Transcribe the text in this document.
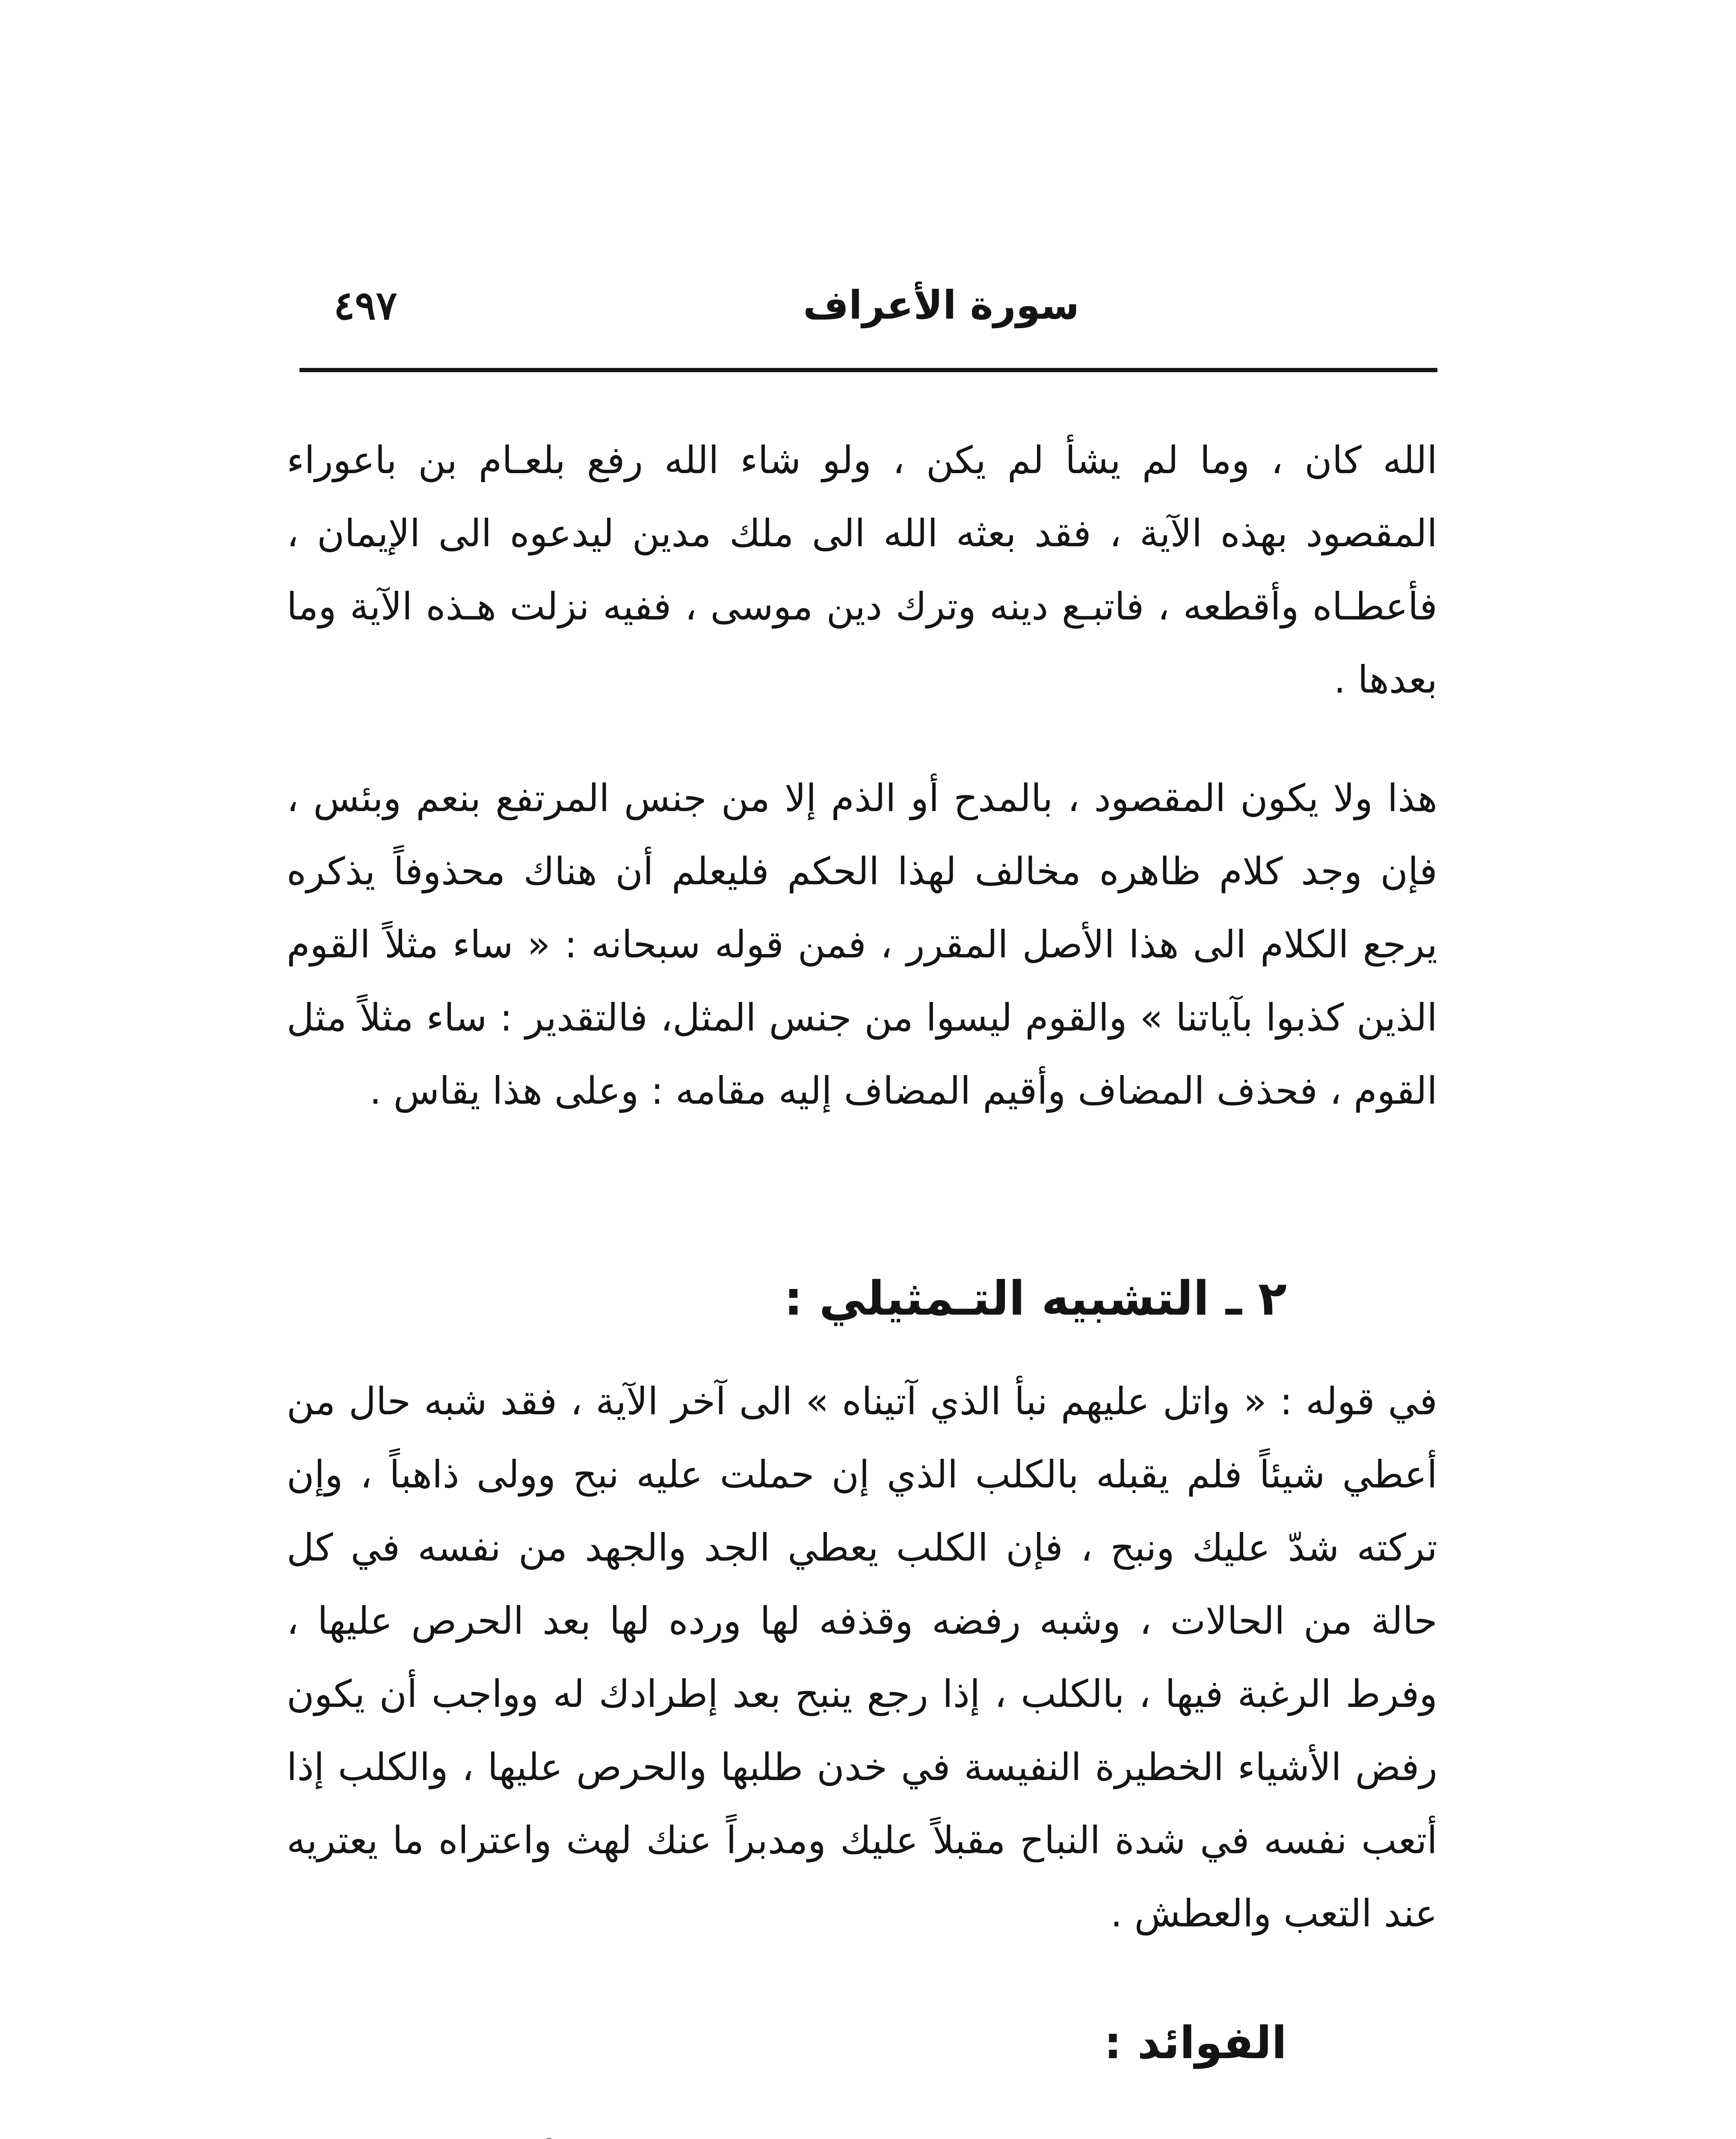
٤٩٧	سورة الأعراف
الله كان ، وما لم يشأ لم يكن ، ولو شاء الله رفع بلعـام بن باعوراء المقصود بهذه الآية ، فقد بعثه الله الى ملك مدين ليدعوه الى الإيمان ، فأعطـاه وأقطعه ، فاتبـع دينه وترك دين موسى ، ففيه نزلت هـذه الآية وما بعدها .
هذا ولا يكون المقصود ، بالمدح أو الذم إلا من جنس المرتفع بنعم وبئس ، فإن وجد كلام ظاهره مخالف لهذا الحكم فليعلم أن هناك محذوفاً يذكره يرجع الكلام الى هذا الأصل المقرر ، فمن قوله سبحانه : « ساء مثلاً القوم الذين كذبوا بآياتنا » والقوم ليسوا من جنس المثل، فالتقدير : ساء مثلاً مثل القوم ، فحذف المضاف وأقيم المضاف إليه مقامه : وعلى هذا يقاس .
٢ ـ التشبيه التـمثيلي :
في قوله : « واتل عليهم نبأ الذي آتيناه » الى آخر الآية ، فقد شبه حال من أعطي شيئاً فلم يقبله بالكلب الذي إن حملت عليه نبح وولى ذاهباً ، وإن تركته شدّ عليك ونبح ، فإن الكلب يعطي الجد والجهد من نفسه في كل حالة من الحالات ، وشبه رفضه وقذفه لها ورده لها بعد الحرص عليها ، وفرط الرغبة فيها ، بالكلب ، إذا رجع ينبح بعد إطرادك له وواجب أن يكون رفض الأشياء الخطيرة النفيسة في خدن طلبها والحرص عليها ، والكلب إذا أتعب نفسه في شدة النباح مقبلاً عليك ومدبراً عنك لهث واعتراه ما يعتريه عند التعب والعطش .
الفوائد :
